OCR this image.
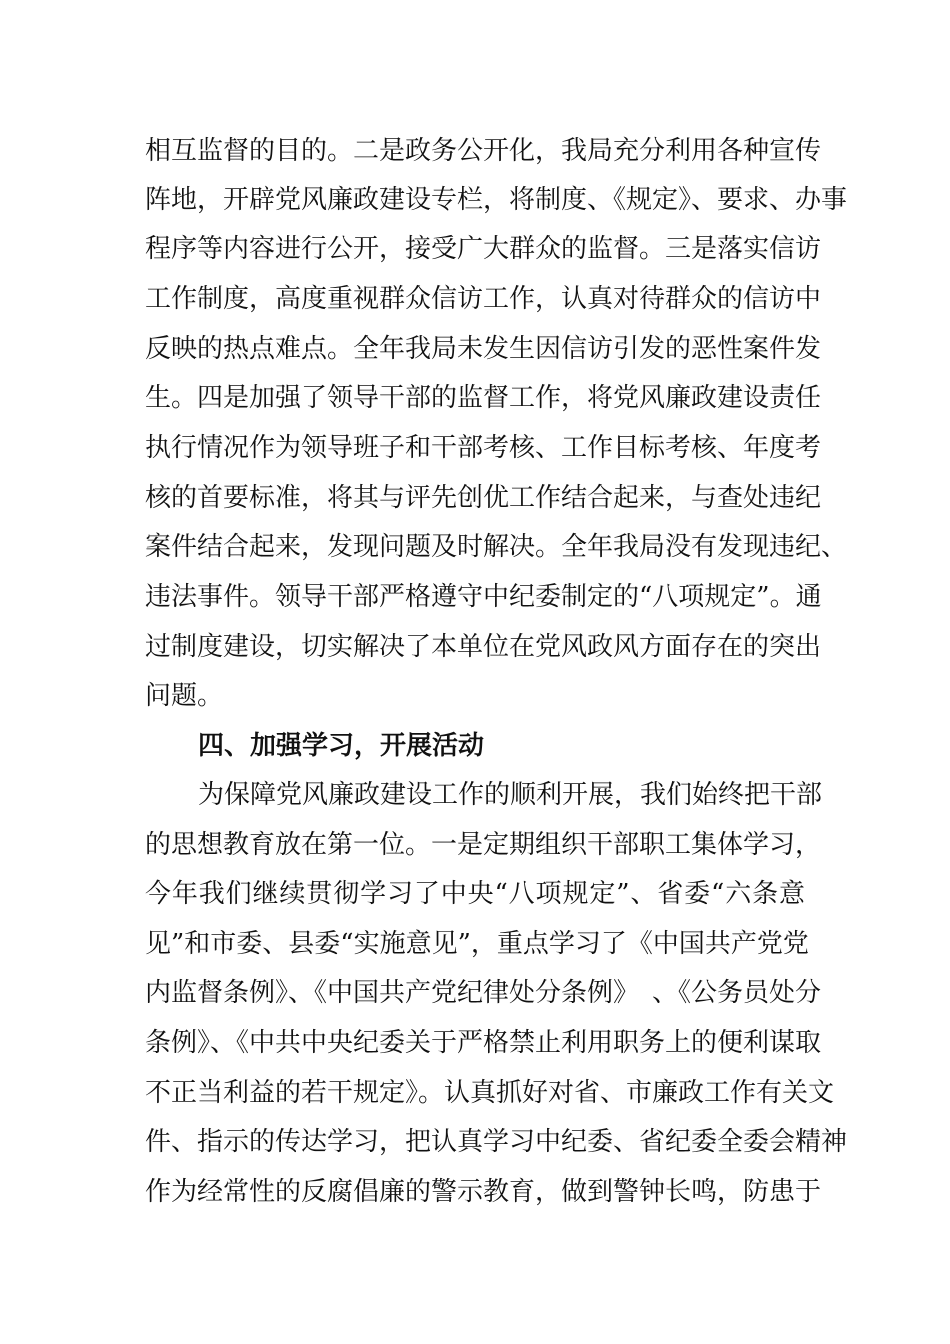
相互监督的目的。二是政务公开化，我局充分利用各种宣传
阵地，开辟党风廉政建设专栏，将制度、《规定》、要求、办事
程序等内容进行公开，接受广大群众的监督。三是落实信访
工作制度，高度重视群众信访工作，认真对待群众的信访中
反映的热点难点。全年我局未发生因信访引发的恶性案件发
生。四是加强了领导干部的监督工作，将党风廉政建设责任
执行情况作为领导班子和干部考核、工作目标考核、年度考
核的首要标准，将其与评先创优工作结合起来，与查处违纪
案件结合起来，发现问题及时解决。全年我局没有发现违纪、
违法事件。领导干部严格遵守中纪委制定的“八项规定”。通
过制度建设，切实解决了本单位在党风政风方面存在的突出
问题。
四、加强学习，开展活动
为保障党风廉政建设工作的顺利开展，我们始终把干部
的思想教育放在第一位。一是定期组织干部职工集体学习，
今年我们继续贯彻学习了中央“八项规定”、省委“六条意
见”和市委、县委“实施意见”，重点学习了《中国共产党党
内监督条例》、《中国共产党纪律处分条例》　、《公务员处分
条例》、《中共中央纪委关于严格禁止利用职务上的便利谋取
不正当利益的若干规定》。认真抓好对省、市廉政工作有关文
件、指示的传达学习，把认真学习中纪委、省纪委全委会精神
作为经常性的反腐倡廉的警示教育，做到警钟长鸣，防患于
